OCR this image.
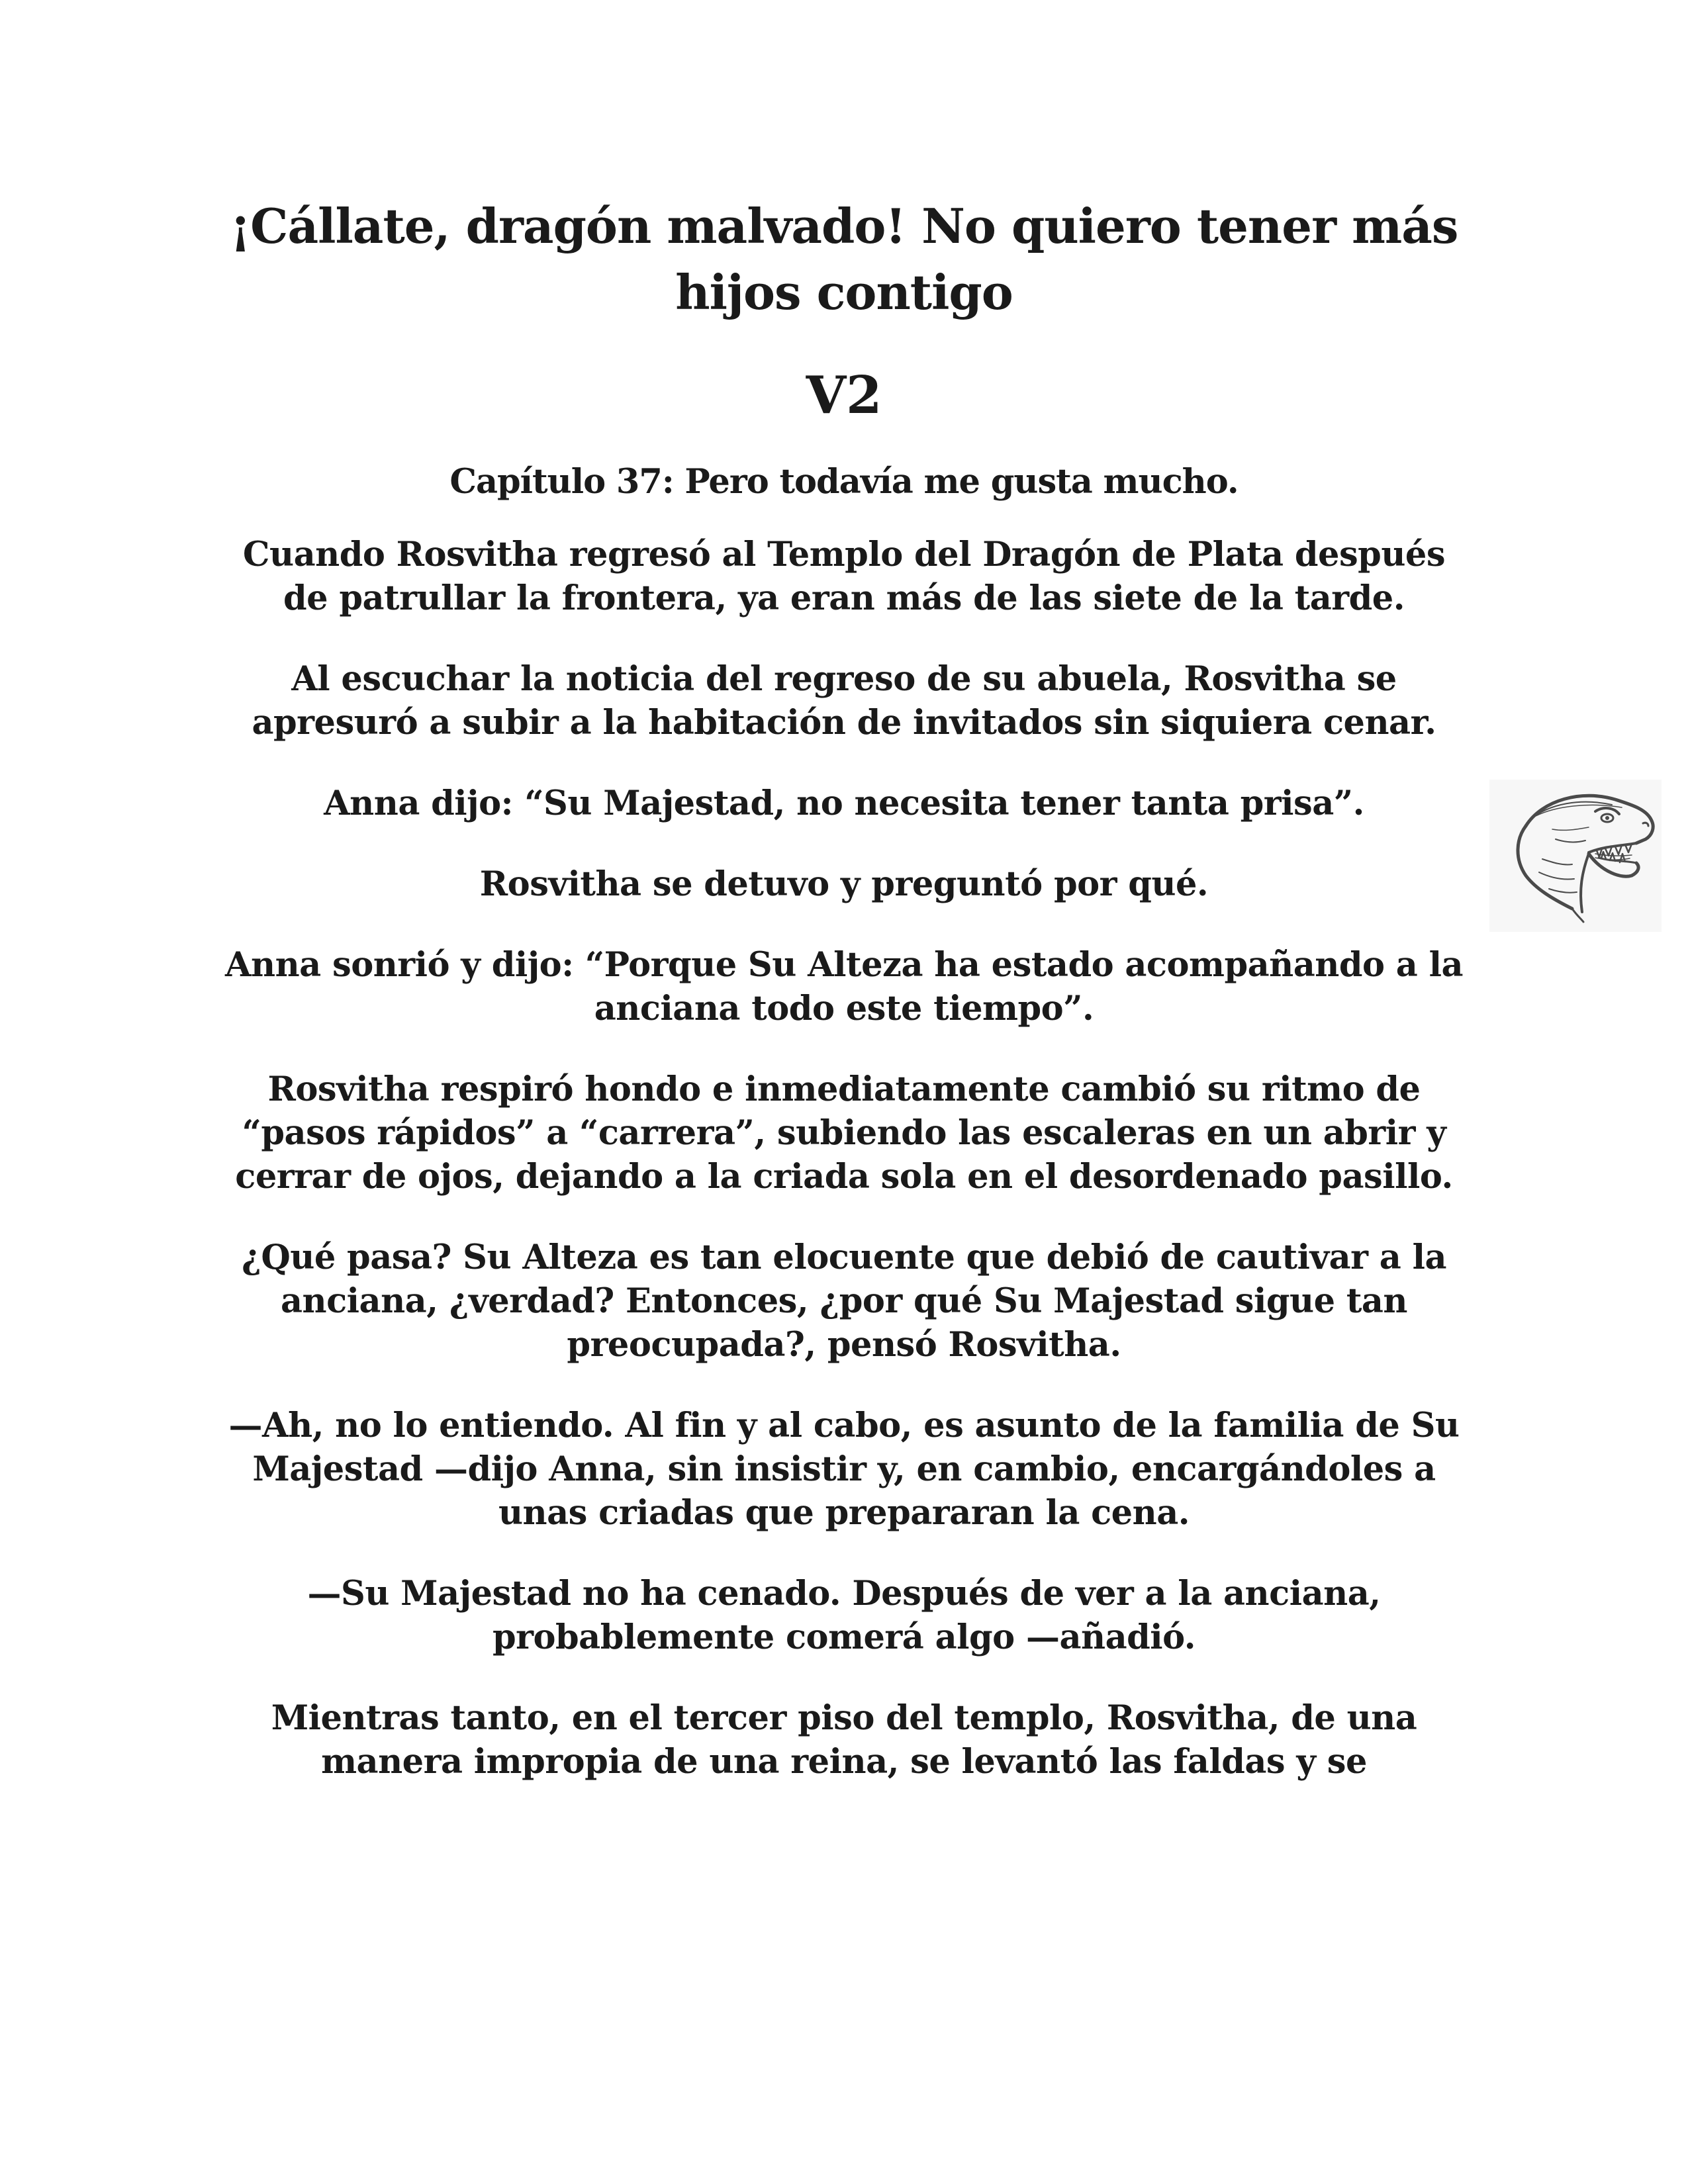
¡Cállate, dragón malvado! No quiero tener más hijos contigo
V2
Capítulo 37: Pero todavía me gusta mucho.

Cuando Rosvitha regresó al Templo del Dragón de Plata después de patrullar la frontera, ya eran más de las siete de la tarde.

Al escuchar la noticia del regreso de su abuela, Rosvitha se apresuró a subir a la habitación de invitados sin siquiera cenar.

Anna dijo: “Su Majestad, no necesita tener tanta prisa”.

Rosvitha se detuvo y preguntó por qué.

Anna sonrió y dijo: “Porque Su Alteza ha estado acompañando a la anciana todo este tiempo”.

Rosvitha respiró hondo e inmediatamente cambió su ritmo de “pasos rápidos” a “carrera”, subiendo las escaleras en un abrir y cerrar de ojos, dejando a la criada sola en el desordenado pasillo.

¿Qué pasa? Su Alteza es tan elocuente que debió de cautivar a la anciana, ¿verdad? Entonces, ¿por qué Su Majestad sigue tan preocupada?, pensó Rosvitha.

—Ah, no lo entiendo. Al fin y al cabo, es asunto de la familia de Su Majestad —dijo Anna, sin insistir y, en cambio, encargándoles a unas criadas que prepararan la cena.

—Su Majestad no ha cenado. Después de ver a la anciana, probablemente comerá algo —añadió.

Mientras tanto, en el tercer piso del templo, Rosvitha, de una manera impropia de una reina, se levantó las faldas y se
